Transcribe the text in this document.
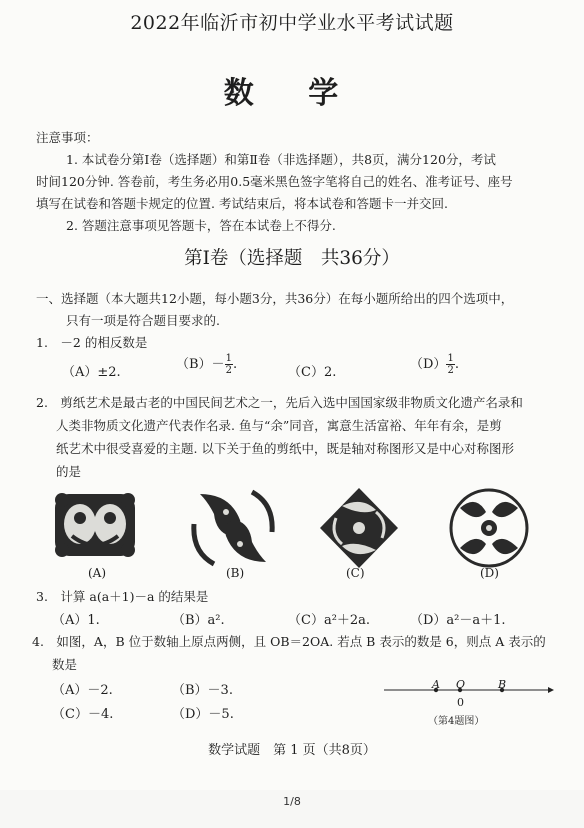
2022年临沂市初中学业水平考试试题
数 学
注意事项：
1. 本试卷分第Ⅰ卷（选择题）和第Ⅱ卷（非选择题），共8页，满分120分，考试
时间120分钟. 答卷前，考生务必用0.5毫米黑色签字笔将自己的姓名、准考证号、座号
填写在试卷和答题卡规定的位置. 考试结束后，将本试卷和答题卡一并交回.
2. 答题注意事项见答题卡，答在本试卷上不得分.
第Ⅰ卷（选择题　共36分）
一、选择题（本大题共12小题，每小题3分，共36分）在每小题所给出的四个选项中，
只有一项是符合题目要求的.
1.　－2 的相反数是
（A）±2.
$(B)- \frac{1}{2}$ .
（C）2.
$(D) \frac{1}{2}$ .
2.　剪纸艺术是最古老的中国民间艺术之一，先后入选中国国家级非物质文化遗产名录和
人类非物质文化遗产代表作名录. 鱼与“余”同音，寓意生活富裕、年年有余，是剪
纸艺术中很受喜爱的主题. 以下关于鱼的剪纸中，既是轴对称图形又是中心对称图形
的是
(A)	(B)	(C)	(D)
3.　计算 a(a＋1)－a 的结果是
（A）1.	（B）a².	（C）a²＋2a.	（D）a²－a＋1.
4.　如图，A，B 位于数轴上原点两侧，且 OB＝2OA. 若点 B 表示的数是 6，则点 A 表示的
数是
（A）－2.	（B）－3.
（C）－4.	（D）－5.
A O	B
0
（第4题图）
数学试题　第 1 页（共8页）
1/8
